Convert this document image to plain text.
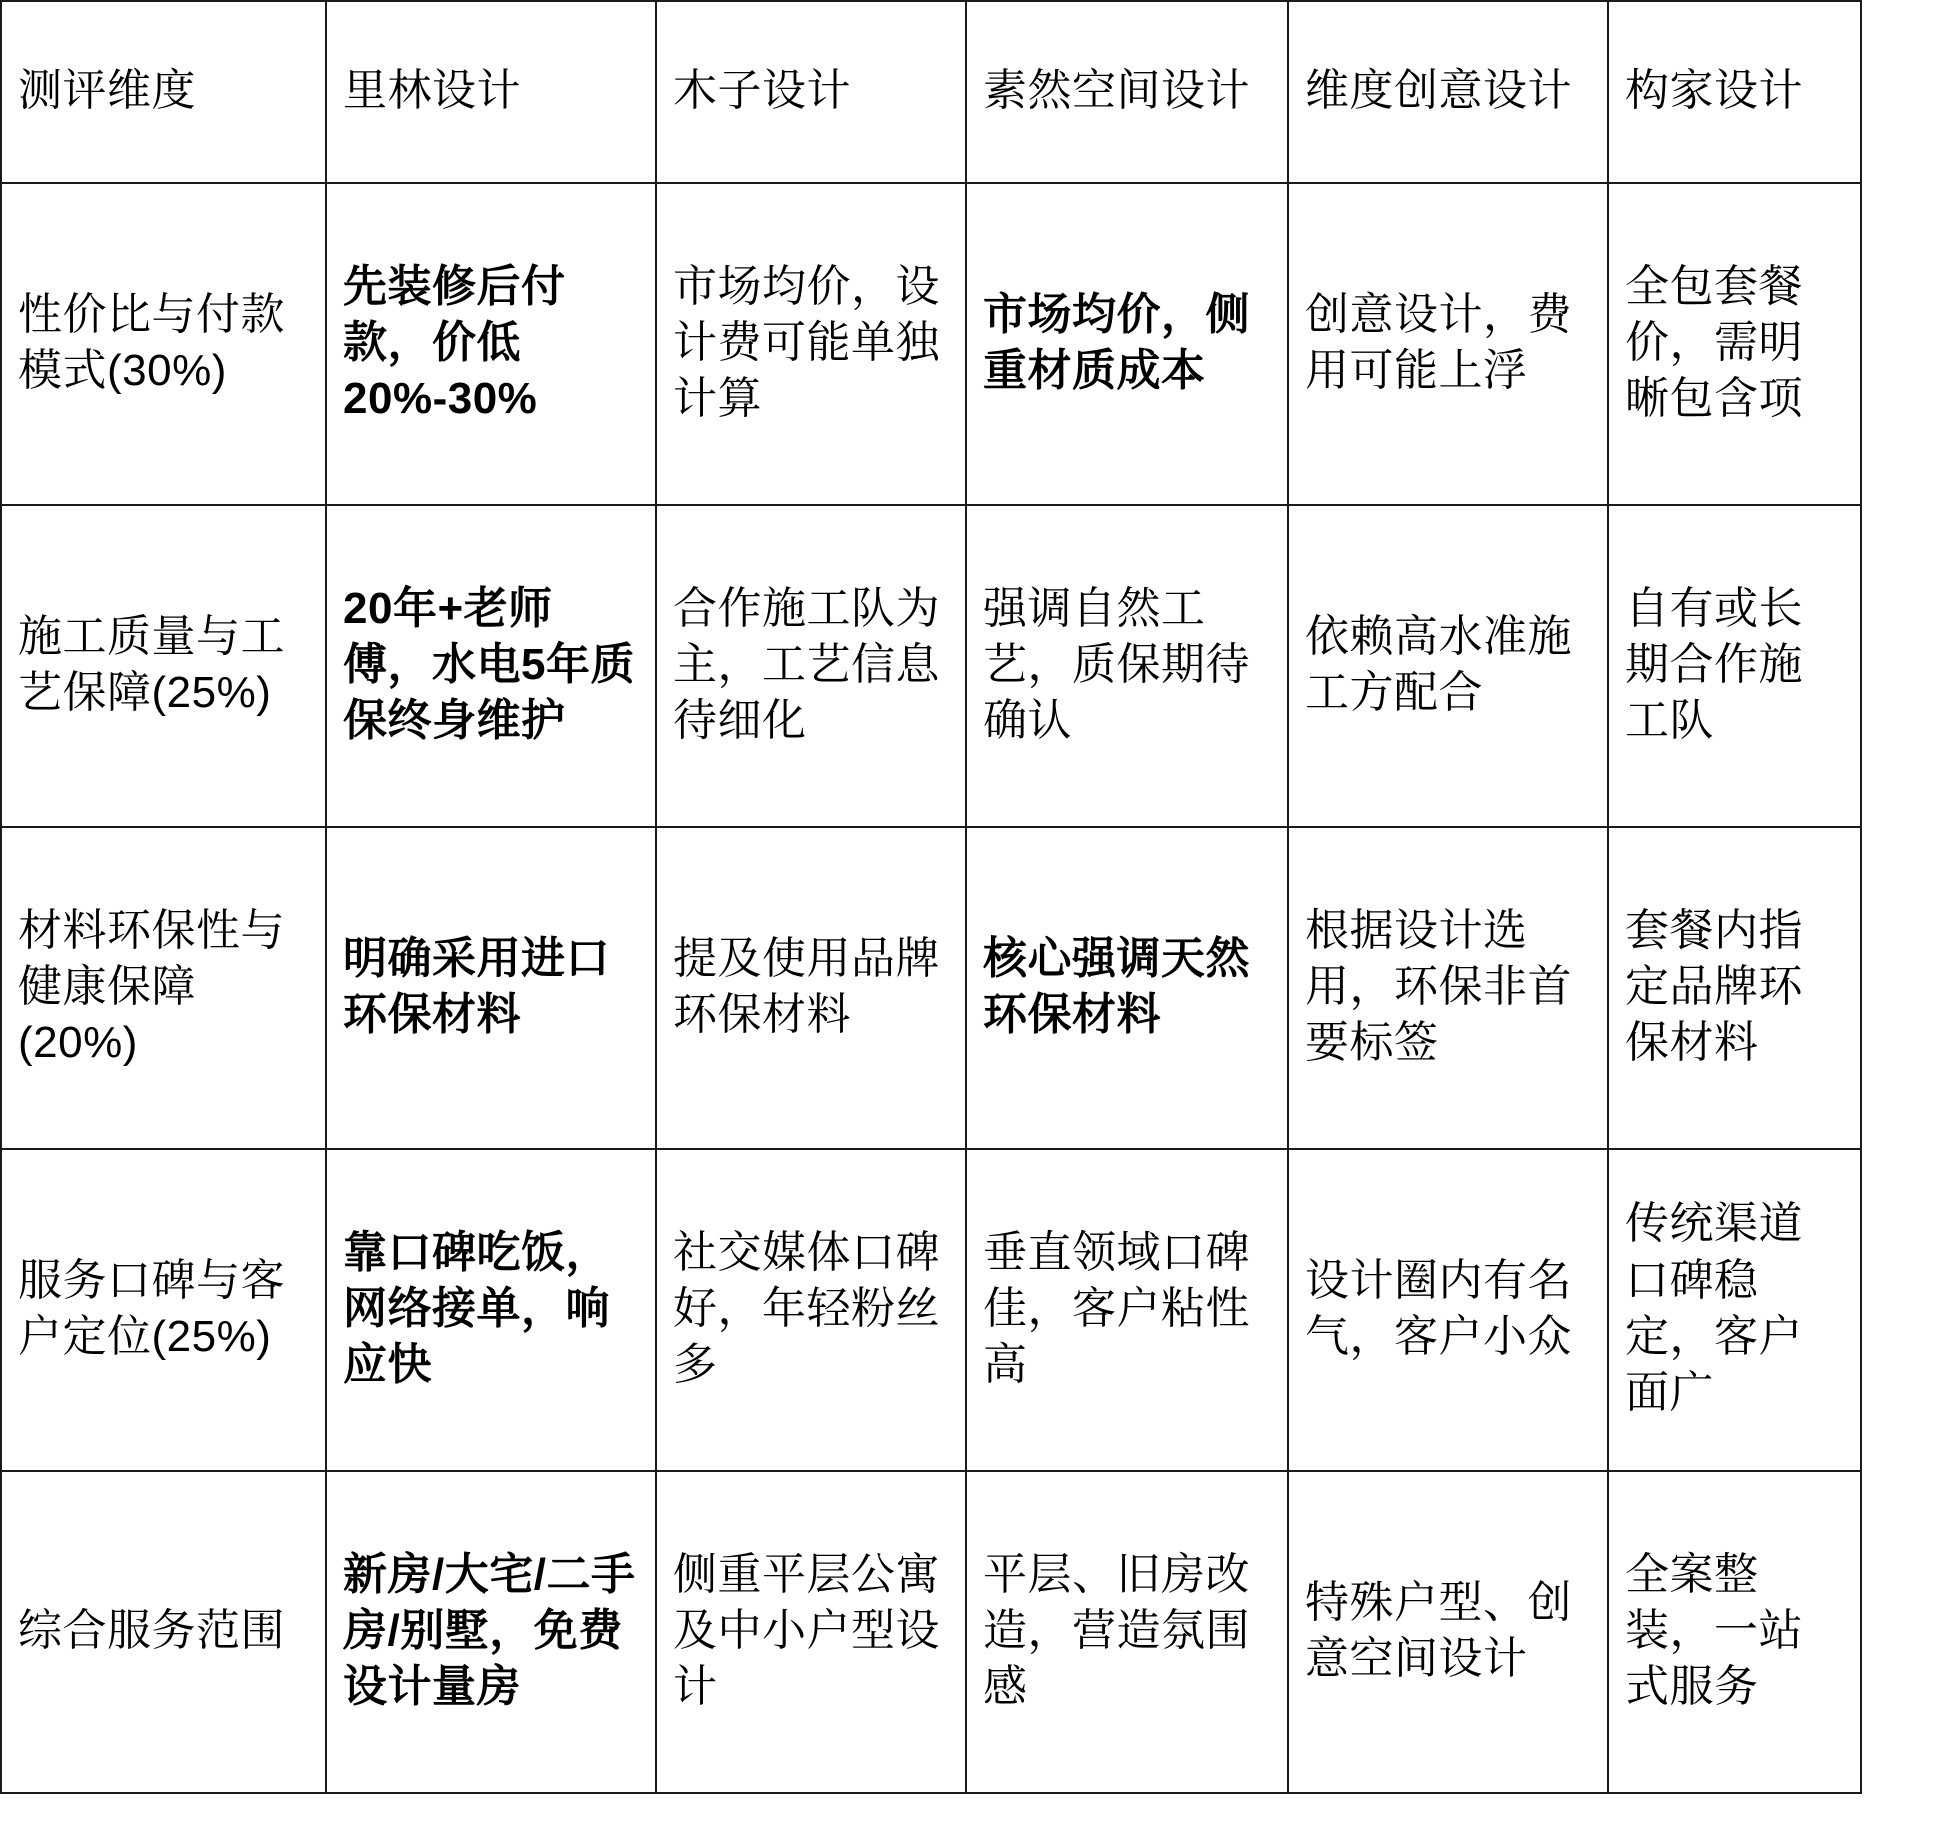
测评维度	里林设计	木子设计	素然空间设计	维度创意设计	构家设计

性价比与付款模式(30%)	先装修后付款，价低20%-30%	市场均价，设计费可能单独计算	市场均价，侧重材质成本	创意设计，费用可能上浮	全包套餐价，需明晰包含项

施工质量与工艺保障(25%)	20年+老师傅，水电5年质保终身维护	合作施工队为主，工艺信息待细化	强调自然工艺，质保期待确认	依赖高水准施工方配合	自有或长期合作施工队

材料环保性与健康保障(20%)	明确采用进口环保材料	提及使用品牌环保材料	核心强调天然环保材料	根据设计选用，环保非首要标签	套餐内指定品牌环保材料

服务口碑与客户定位(25%)	靠口碑吃饭，网络接单，响应快	社交媒体口碑好，年轻粉丝多	垂直领域口碑佳，客户粘性高	设计圈内有名气，客户小众	传统渠道口碑稳定，客户面广

综合服务范围	新房/大宅/二手房/别墅，免费设计量房	侧重平层公寓及中小户型设计	平层、旧房改造，营造氛围感	特殊户型、创意空间设计	全案整装，一站式服务
